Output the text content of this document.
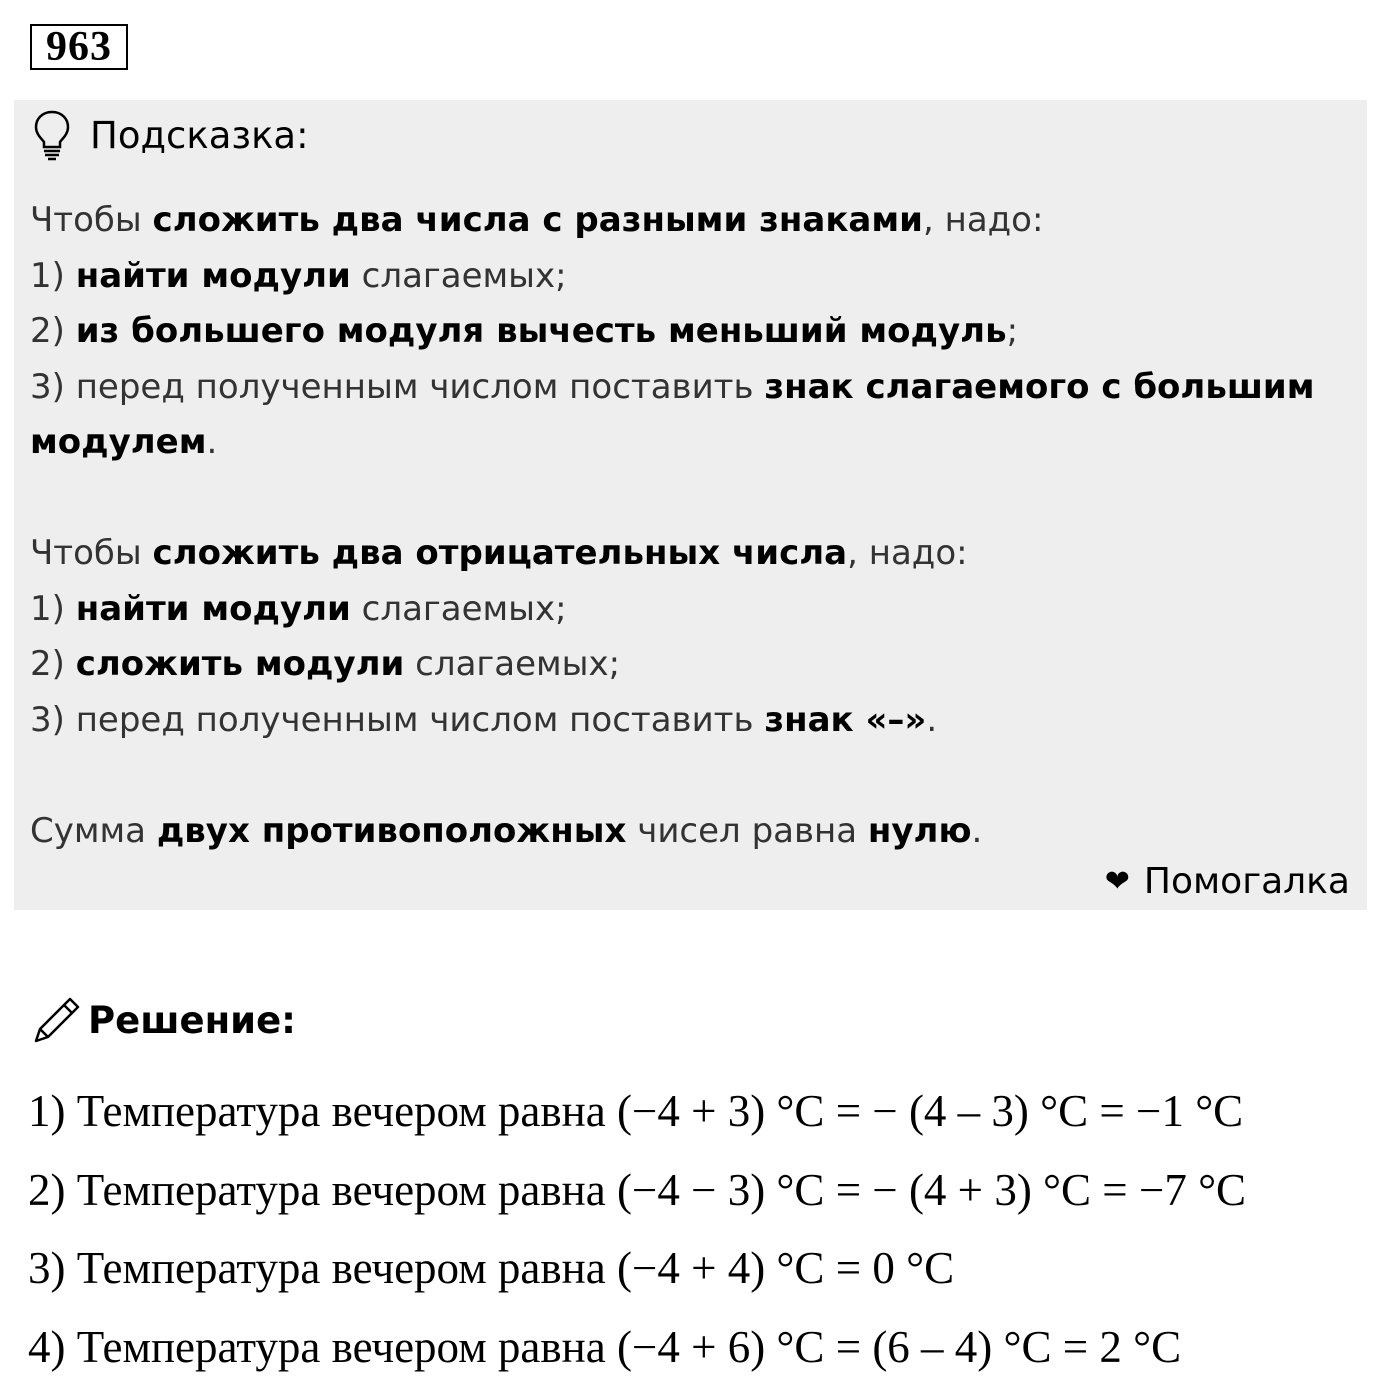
963
Подсказка:
Чтобы сложить два числа с разными знаками, надо:
1) найти модули слагаемых;
2) из большего модуля вычесть меньший модуль;
3) перед полученным числом поставить знак слагаемого с большим
модулем.
Чтобы сложить два отрицательных числа, надо:
1) найти модули слагаемых;
2) сложить модули слагаемых;
3) перед полученным числом поставить знак «–».
Сумма двух противоположных чисел равна нулю.
❤ Помогалка
Решение:
1) Температура вечером равна (−4 + 3) °С = − (4 – 3) °С = −1 °С
2) Температура вечером равна (−4 − 3) °С = − (4 + 3) °С = −7 °С
3) Температура вечером равна (−4 + 4) °С = 0 °С
4) Температура вечером равна (−4 + 6) °С = (6 – 4) °С = 2 °С
